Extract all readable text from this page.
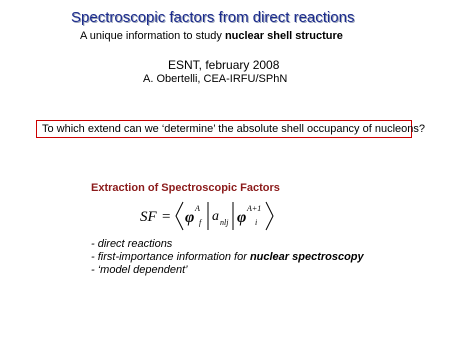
Spectroscopic factors from direct reactions
A unique information to study nuclear shell structure
ESNT, february 2008
A. Obertelli, CEA-IRFU/SPhN
To which extend can we ‘determine’ the absolute shell occupancy of nucleons?
Extraction of Spectroscopic Factors
SF = φ
A
f a nlj φ
A+1
i
- direct reactions
- first-importance information for nuclear spectroscopy
- ‘model dependent’
